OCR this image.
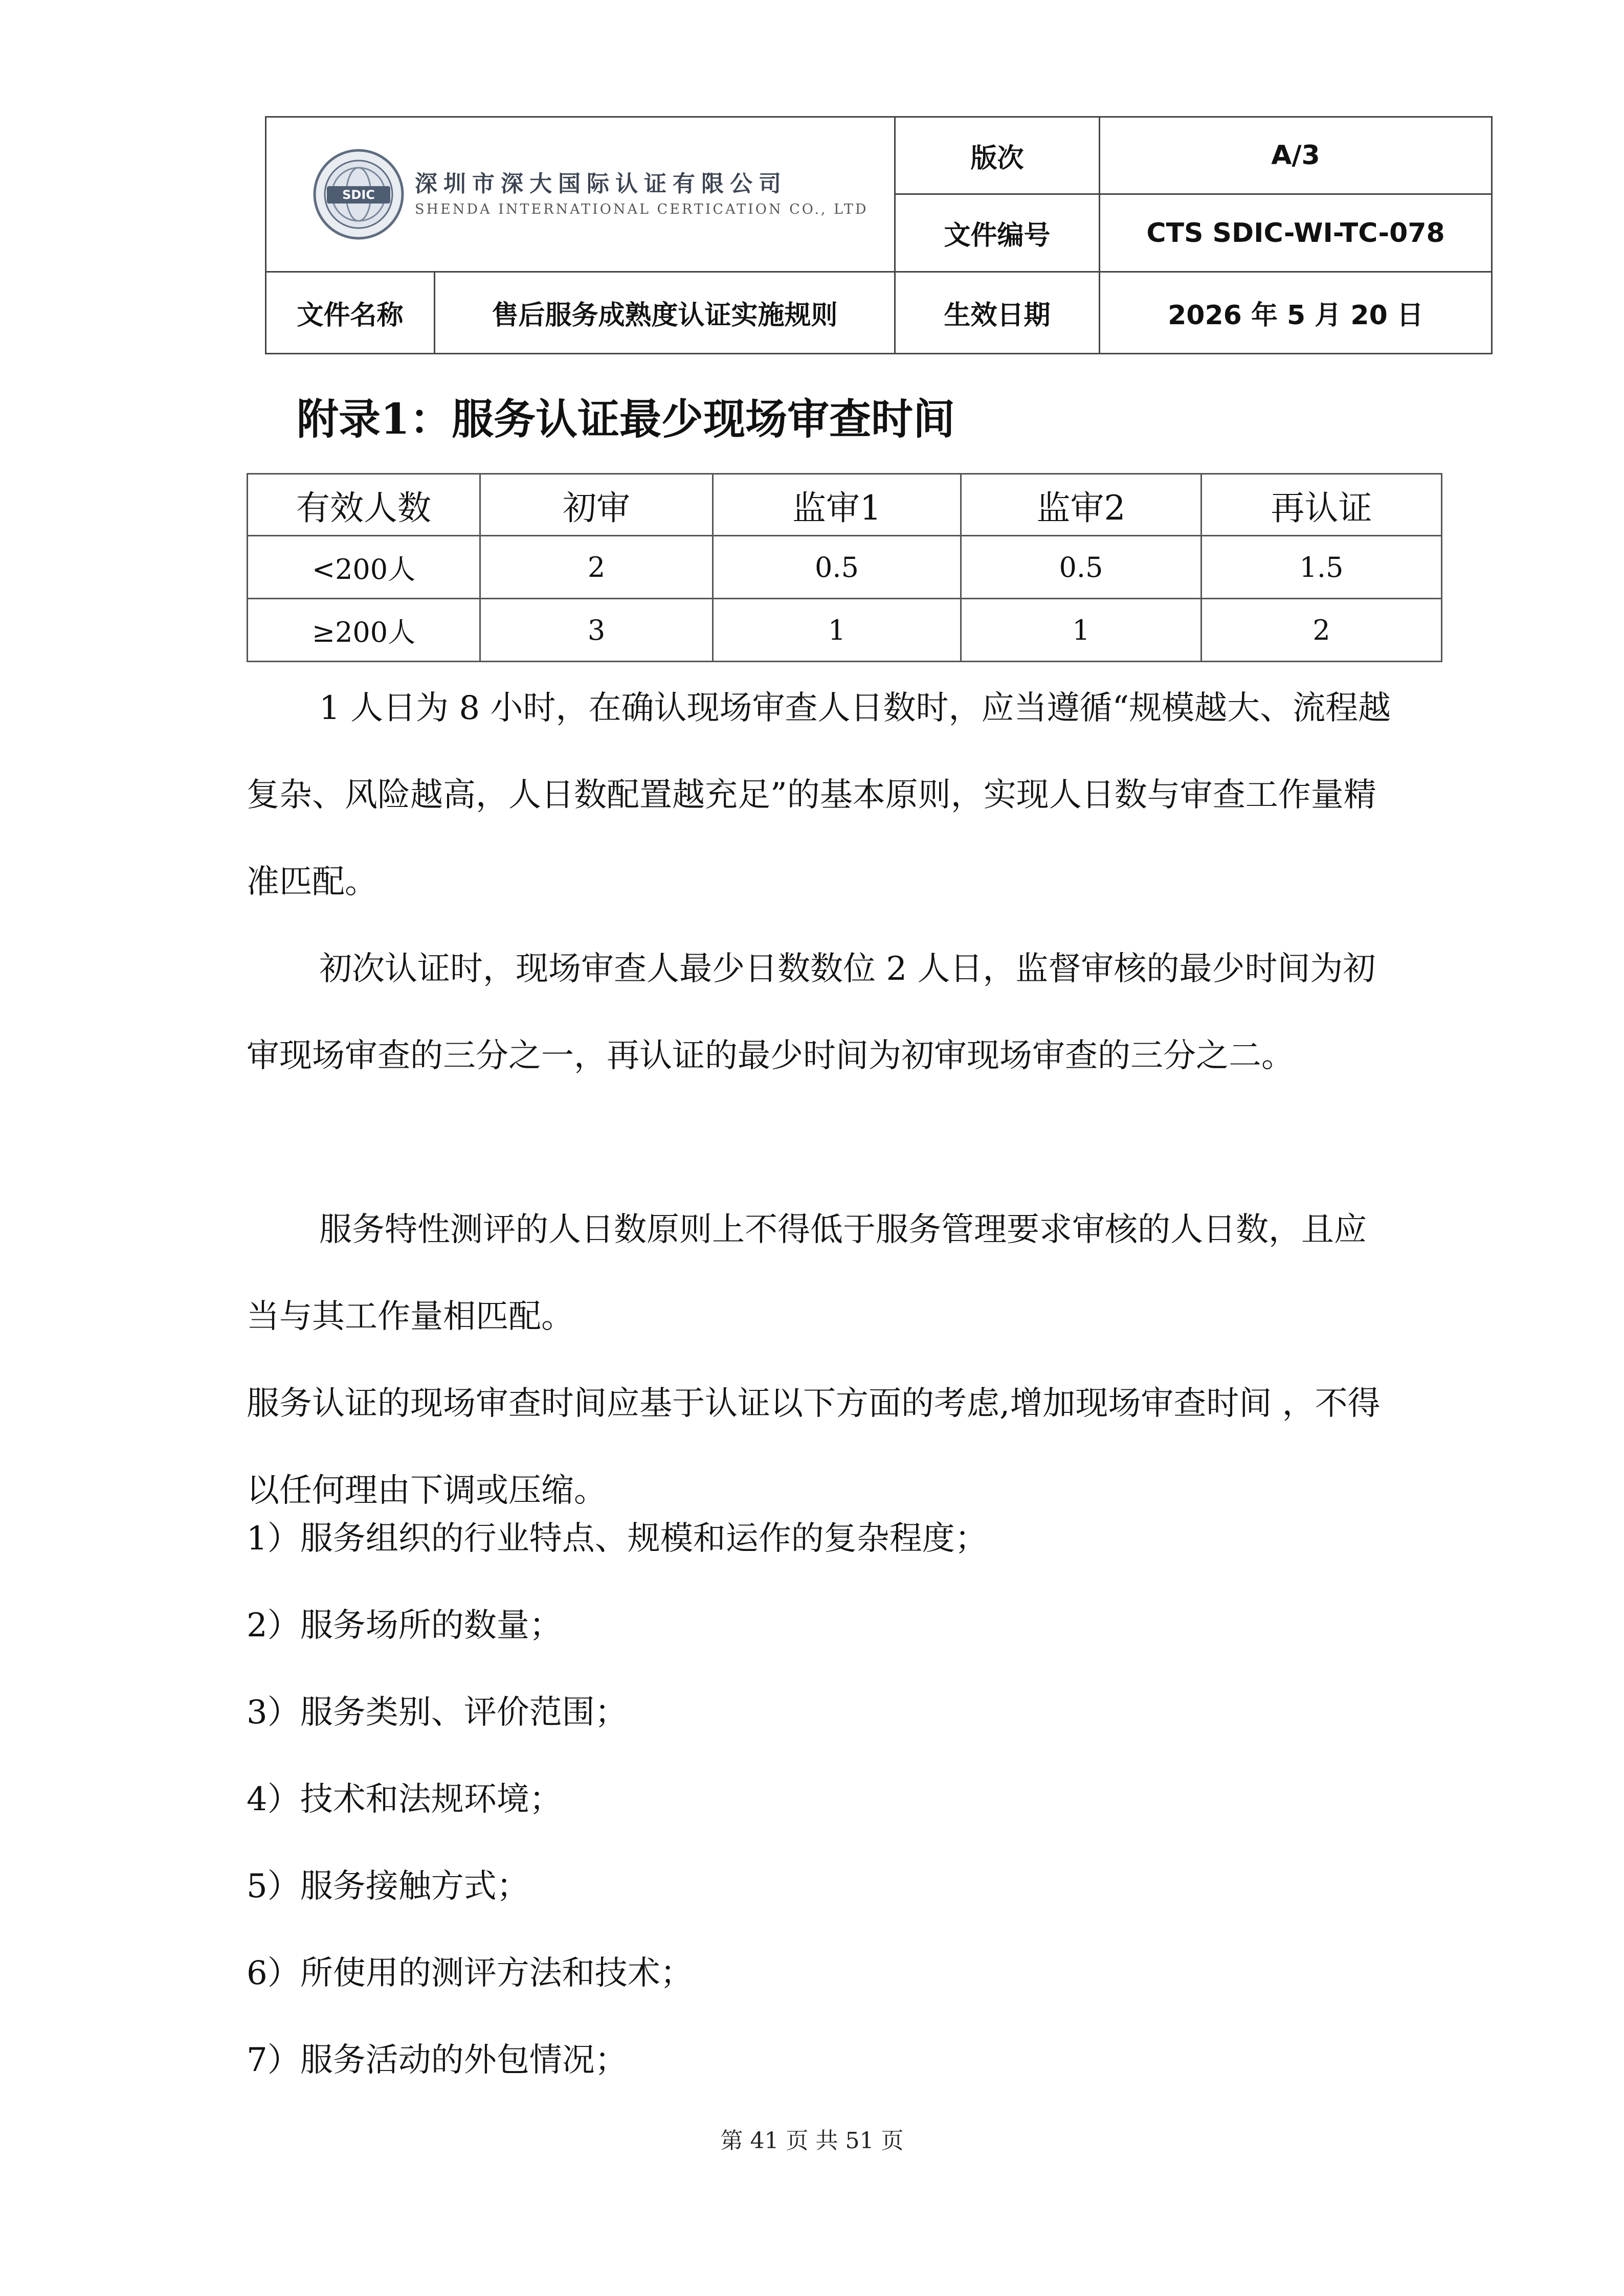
SDIC 深圳市深大国际认证有限公司
SHENDA INTERNATIONAL CERTICATION CO., LTD		版次	A/3
		文件编号	CTS SDIC-WI-TC-078
文件名称	售后服务成熟度认证实施规则	生效日期	2026 年 5 月 20 日
附录1：服务认证最少现场审查时间
有效人数	初审	监审1	监审2	再认证
<200人	2	0.5	0.5	1.5
≥200人	3	1	1	2

1 人日为 8 小时，在确认现场审查人日数时，应当遵循“规模越大、流程越复杂、风险越高，人日数配置越充足”的基本原则，实现人日数与审查工作量精准匹配。

初次认证时，现场审查人最少日数数位 2 人日，监督审核的最少时间为初审现场审查的三分之一，再认证的最少时间为初审现场审查的三分之二。

服务特性测评的人日数原则上不得低于服务管理要求审核的人日数，且应当与其工作量相匹配。

服务认证的现场审查时间应基于认证以下方面的考虑,增加现场审查时间 ，不得以任何理由下调或压缩。

1）服务组织的行业特点、规模和运作的复杂程度；

2）服务场所的数量；

3）服务类别、评价范围；

4）技术和法规环境；

5）服务接触方式；

6）所使用的测评方法和技术；

7）服务活动的外包情况；

第 41 页 共 51 页
